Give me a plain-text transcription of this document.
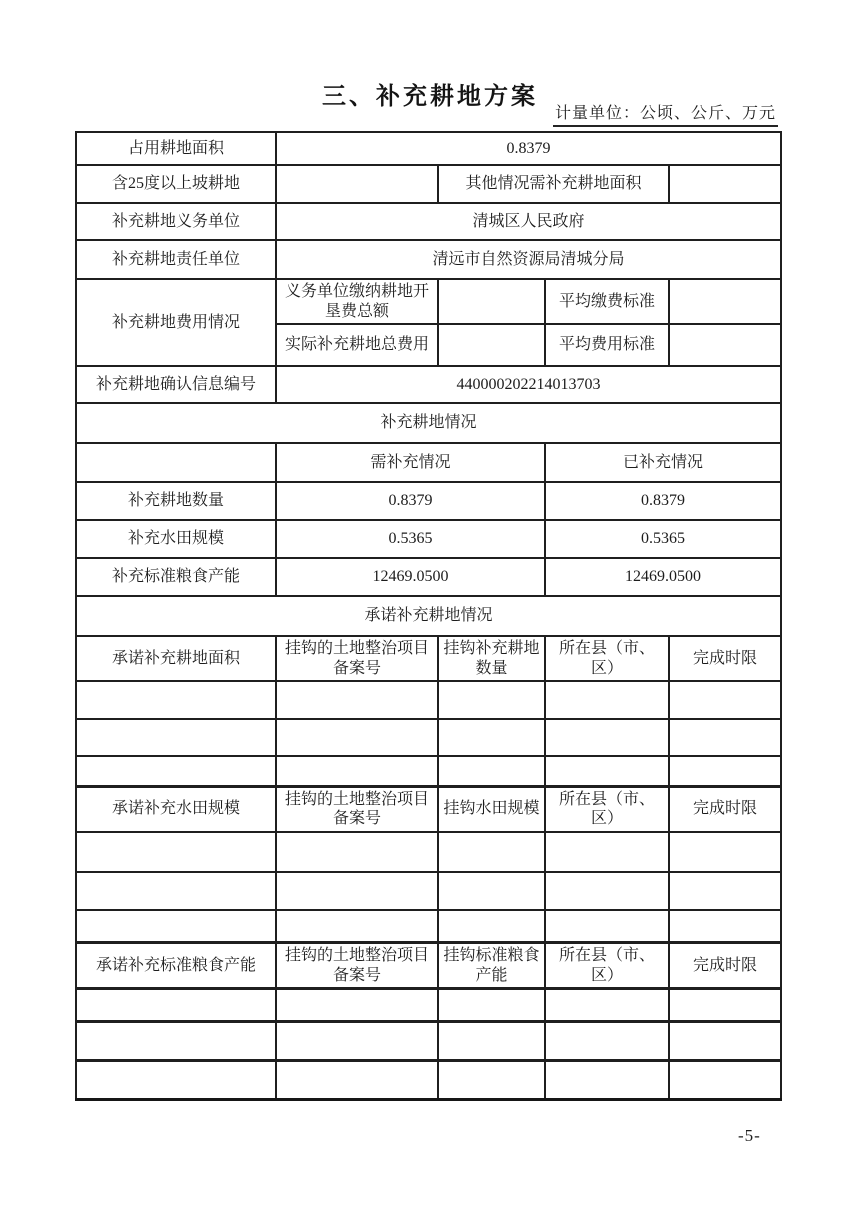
三、补充耕地方案
计量单位：公顷、公斤、万元
占用耕地面积	0.8379			
含25度以上坡耕地		其他情况需补充耕地面积		
补充耕地义务单位	清城区人民政府			
补充耕地责任单位	清远市自然资源局清城分局			
补充耕地费用情况	义务单位缴纳耕地开垦费总额		平均缴费标准	
	实际补充耕地总费用		平均费用标准	
补充耕地确认信息编号	440000202214013703			
补充耕地情况				
	需补充情况		已补充情况	
补充耕地数量	0.8379		0.8379	
补充水田规模	0.5365		0.5365	
补充标准粮食产能	12469.0500		12469.0500	
承诺补充耕地情况				
承诺补充耕地面积	挂钩的土地整治项目备案号	挂钩补充耕地数量	所在县（市、区）	完成时限

承诺补充水田规模	挂钩的土地整治项目备案号	挂钩水田规模	所在县（市、区）	完成时限

承诺补充标准粮食产能	挂钩的土地整治项目备案号	挂钩标准粮食产能	所在县（市、区）	完成时限

-5-
